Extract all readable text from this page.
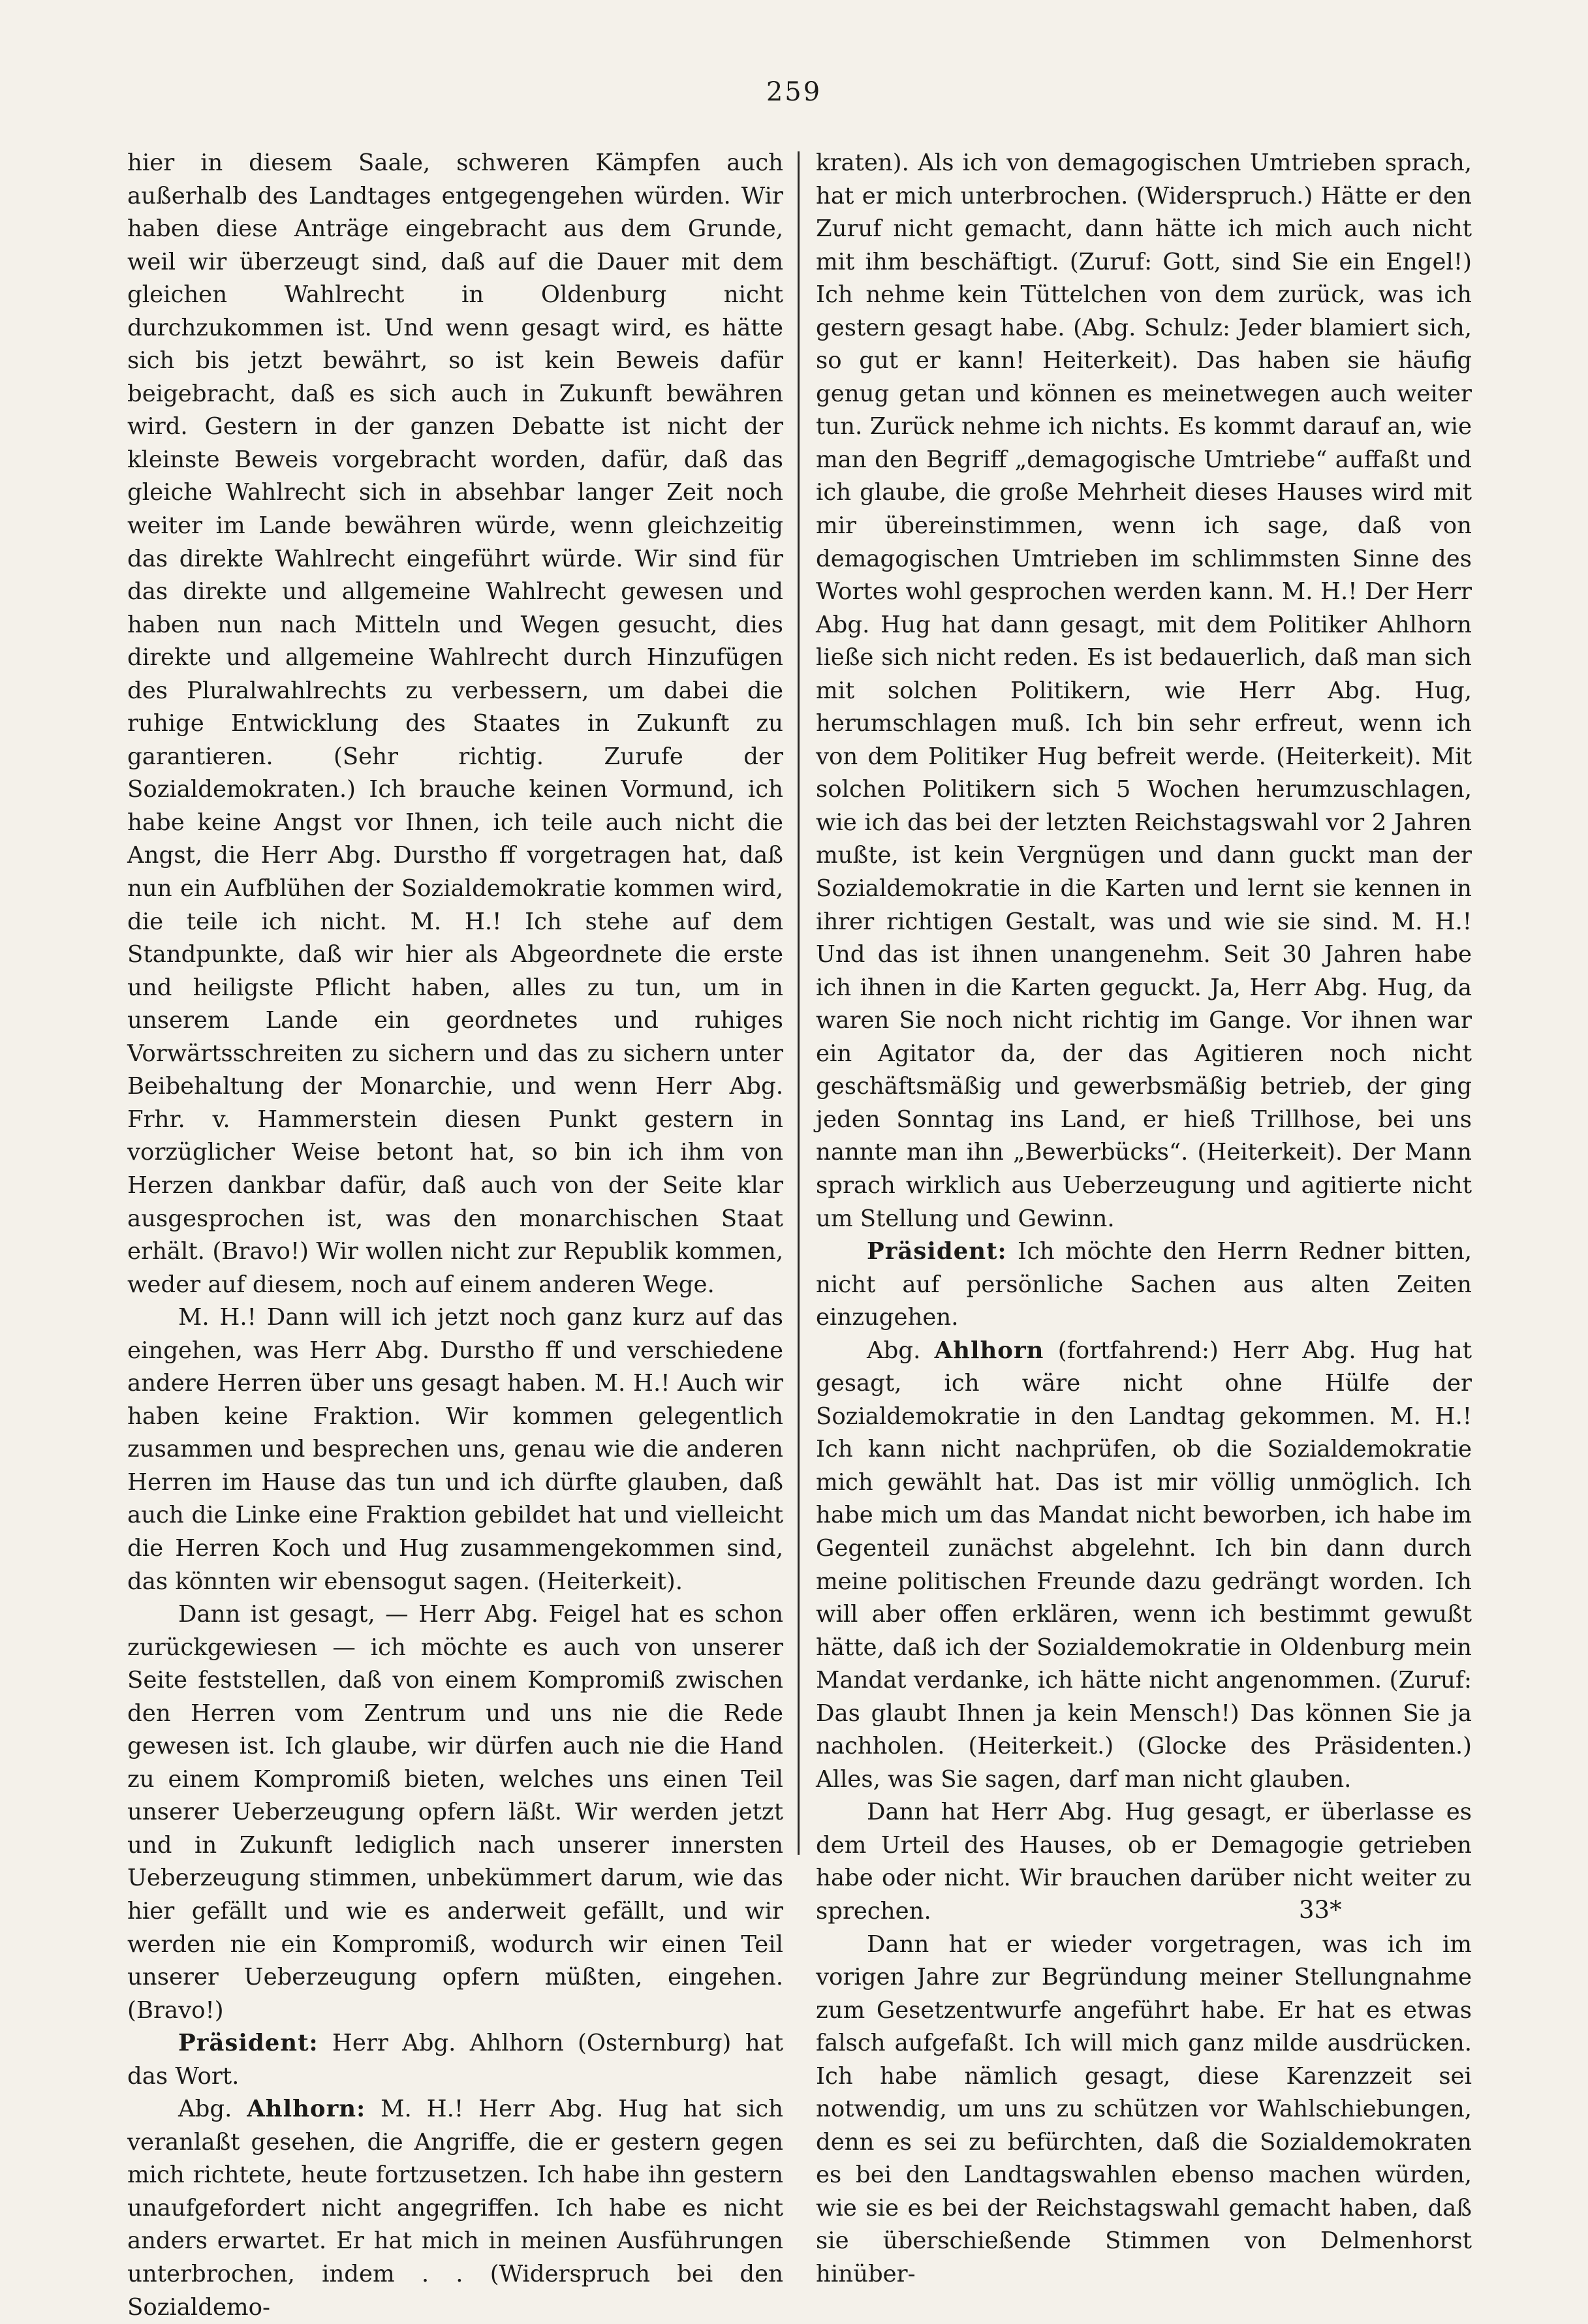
259

hier in diesem Saale, schweren Kämpfen auch außerhalb des Landtages entgegengehen würden. Wir haben diese Anträge eingebracht aus dem Grunde, weil wir überzeugt sind, daß auf die Dauer mit dem gleichen Wahlrecht in Oldenburg nicht durchzukommen ist. Und wenn gesagt wird, es hätte sich bis jetzt bewährt, so ist kein Beweis dafür beigebracht, daß es sich auch in Zukunft bewähren wird. Gestern in der ganzen Debatte ist nicht der kleinste Beweis vorgebracht worden, dafür, daß das gleiche Wahlrecht sich in absehbar langer Zeit noch weiter im Lande bewähren würde, wenn gleichzeitig das direkte Wahlrecht eingeführt würde. Wir sind für das direkte und allgemeine Wahlrecht gewesen und haben nun nach Mitteln und Wegen gesucht, dies direkte und allgemeine Wahlrecht durch Hinzufügen des Pluralwahlrechts zu verbessern, um dabei die ruhige Entwicklung des Staates in Zukunft zu garantieren. (Sehr richtig. Zurufe der Sozialdemokraten.) Ich brauche keinen Vormund, ich habe keine Angst vor Ihnen, ich teile auch nicht die Angst, die Herr Abg. Durstho ff vorgetragen hat, daß nun ein Aufblühen der Sozialdemokratie kommen wird, die teile ich nicht. M. H.! Ich stehe auf dem Standpunkte, daß wir hier als Abgeordnete die erste und heiligste Pflicht haben, alles zu tun, um in unserem Lande ein geordnetes und ruhiges Vorwärtsschreiten zu sichern und das zu sichern unter Beibehaltung der Monarchie, und wenn Herr Abg. Frhr. v. Hammerstein diesen Punkt gestern in vorzüglicher Weise betont hat, so bin ich ihm von Herzen dankbar dafür, daß auch von der Seite klar ausgesprochen ist, was den monarchischen Staat erhält. (Bravo!) Wir wollen nicht zur Republik kommen, weder auf diesem, noch auf einem anderen Wege.

M. H.! Dann will ich jetzt noch ganz kurz auf das eingehen, was Herr Abg. Durstho ff und verschiedene andere Herren über uns gesagt haben. M. H.! Auch wir haben keine Fraktion. Wir kommen gelegentlich zusammen und besprechen uns, genau wie die anderen Herren im Hause das tun und ich dürfte glauben, daß auch die Linke eine Fraktion gebildet hat und vielleicht die Herren Koch und Hug zusammengekommen sind, das könnten wir ebensogut sagen. (Heiterkeit).

Dann ist gesagt, — Herr Abg. Feigel hat es schon zurückgewiesen — ich möchte es auch von unserer Seite feststellen, daß von einem Kompromiß zwischen den Herren vom Zentrum und uns nie die Rede gewesen ist. Ich glaube, wir dürfen auch nie die Hand zu einem Kompromiß bieten, welches uns einen Teil unserer Ueberzeugung opfern läßt. Wir werden jetzt und in Zukunft lediglich nach unserer innersten Ueberzeugung stimmen, unbekümmert darum, wie das hier gefällt und wie es anderweit gefällt, und wir werden nie ein Kompromiß, wodurch wir einen Teil unserer Ueberzeugung opfern müßten, eingehen. (Bravo!)

Präsident: Herr Abg. Ahlhorn (Osternburg) hat das Wort.

Abg. Ahlhorn: M. H.! Herr Abg. Hug hat sich veranlaßt gesehen, die Angriffe, die er gestern gegen mich richtete, heute fortzusetzen. Ich habe ihn gestern unaufgefordert nicht angegriffen. Ich habe es nicht anders erwartet. Er hat mich in meinen Ausführungen unterbrochen, indem . . (Widerspruch bei den Sozialdemo-

kraten). Als ich von demagogischen Umtrieben sprach, hat er mich unterbrochen. (Widerspruch.) Hätte er den Zuruf nicht gemacht, dann hätte ich mich auch nicht mit ihm beschäftigt. (Zuruf: Gott, sind Sie ein Engel!) Ich nehme kein Tüttelchen von dem zurück, was ich gestern gesagt habe. (Abg. Schulz: Jeder blamiert sich, so gut er kann! Heiterkeit). Das haben sie häufig genug getan und können es meinetwegen auch weiter tun. Zurück nehme ich nichts. Es kommt darauf an, wie man den Begriff „demagogische Umtriebe“ auffaßt und ich glaube, die große Mehrheit dieses Hauses wird mit mir übereinstimmen, wenn ich sage, daß von demagogischen Umtrieben im schlimmsten Sinne des Wortes wohl gesprochen werden kann. M. H.! Der Herr Abg. Hug hat dann gesagt, mit dem Politiker Ahlhorn ließe sich nicht reden. Es ist bedauerlich, daß man sich mit solchen Politikern, wie Herr Abg. Hug, herumschlagen muß. Ich bin sehr erfreut, wenn ich von dem Politiker Hug befreit werde. (Heiterkeit). Mit solchen Politikern sich 5 Wochen herumzuschlagen, wie ich das bei der letzten Reichstagswahl vor 2 Jahren mußte, ist kein Vergnügen und dann guckt man der Sozialdemokratie in die Karten und lernt sie kennen in ihrer richtigen Gestalt, was und wie sie sind. M. H.! Und das ist ihnen unangenehm. Seit 30 Jahren habe ich ihnen in die Karten geguckt. Ja, Herr Abg. Hug, da waren Sie noch nicht richtig im Gange. Vor ihnen war ein Agitator da, der das Agitieren noch nicht geschäftsmäßig und gewerbsmäßig betrieb, der ging jeden Sonntag ins Land, er hieß Trillhose, bei uns nannte man ihn „Bewerbücks“. (Heiterkeit). Der Mann sprach wirklich aus Ueberzeugung und agitierte nicht um Stellung und Gewinn.

Präsident: Ich möchte den Herrn Redner bitten, nicht auf persönliche Sachen aus alten Zeiten einzugehen.

Abg. Ahlhorn (fortfahrend:) Herr Abg. Hug hat gesagt, ich wäre nicht ohne Hülfe der Sozialdemokratie in den Landtag gekommen. M. H.! Ich kann nicht nachprüfen, ob die Sozialdemokratie mich gewählt hat. Das ist mir völlig unmöglich. Ich habe mich um das Mandat nicht beworben, ich habe im Gegenteil zunächst abgelehnt. Ich bin dann durch meine politischen Freunde dazu gedrängt worden. Ich will aber offen erklären, wenn ich bestimmt gewußt hätte, daß ich der Sozialdemokratie in Oldenburg mein Mandat verdanke, ich hätte nicht angenommen. (Zuruf: Das glaubt Ihnen ja kein Mensch!) Das können Sie ja nachholen. (Heiterkeit.) (Glocke des Präsidenten.) Alles, was Sie sagen, darf man nicht glauben.

Dann hat Herr Abg. Hug gesagt, er überlasse es dem Urteil des Hauses, ob er Demagogie getrieben habe oder nicht. Wir brauchen darüber nicht weiter zu sprechen.

Dann hat er wieder vorgetragen, was ich im vorigen Jahre zur Begründung meiner Stellungnahme zum Gesetzentwurfe angeführt habe. Er hat es etwas falsch aufgefaßt. Ich will mich ganz milde ausdrücken. Ich habe nämlich gesagt, diese Karenzzeit sei notwendig, um uns zu schützen vor Wahlschiebungen, denn es sei zu befürchten, daß die Sozialdemokraten es bei den Landtagswahlen ebenso machen würden, wie sie es bei der Reichstagswahl gemacht haben, daß sie überschießende Stimmen von Delmenhorst hinüber-

33*
